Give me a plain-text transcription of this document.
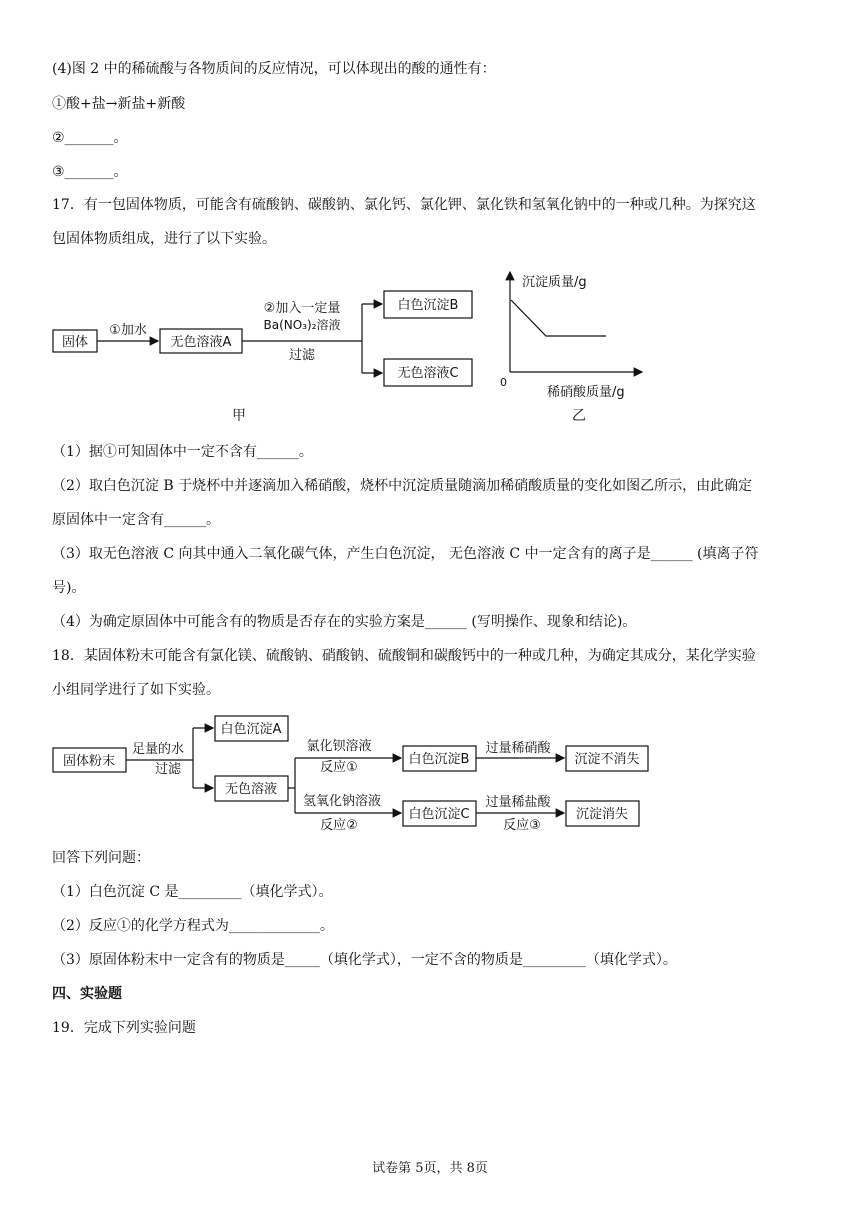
(4)图 2 中的稀硫酸与各物质间的反应情况，可以体现出的酸的通性有：
①酸+盐→新盐+新酸
②_______。
③_______。
17．有一包固体物质，可能含有硫酸钠、碳酸钠、氯化钙、氯化钾、氯化铁和氢氧化钠中的一种或几种。为探究这
包固体物质组成，进行了以下实验。
固体
①加水
无色溶液A
②加入一定量
Ba(NO₃)₂溶液
过滤
白色沉淀B
无色溶液C
甲
沉淀质量/g
稀硝酸质量/g
0
乙
（1）据①可知固体中一定不含有______。
（2）取白色沉淀 B 于烧杯中并逐滴加入稀硝酸，烧杯中沉淀质量随滴加稀硝酸质量的变化如图乙所示，由此确定
原固体中一定含有______。
（3）取无色溶液 C 向其中通入二氧化碳气体，产生白色沉淀， 无色溶液 C 中一定含有的离子是______ (填离子符
号)。
（4）为确定原固体中可能含有的物质是否存在的实验方案是______ (写明操作、现象和结论)。
18．某固体粉末可能含有氯化镁、硫酸钠、硝酸钠、硫酸铜和碳酸钙中的一种或几种，为确定其成分，某化学实验
小组同学进行了如下实验。
固体粉末
足量的水
过滤
白色沉淀A
无色溶液
氯化钡溶液
反应①
氢氧化钠溶液
反应②
白色沉淀B
过量稀硝酸
沉淀不消失
白色沉淀C
过量稀盐酸
反应③
沉淀消失
回答下列问题：
（1）白色沉淀 C 是_________（填化学式）。
（2）反应①的化学方程式为_____________。
（3）原固体粉末中一定含有的物质是_____（填化学式），一定不含的物质是_________（填化学式）。
四、实验题
19．完成下列实验问题
试卷第 5页，共 8页
